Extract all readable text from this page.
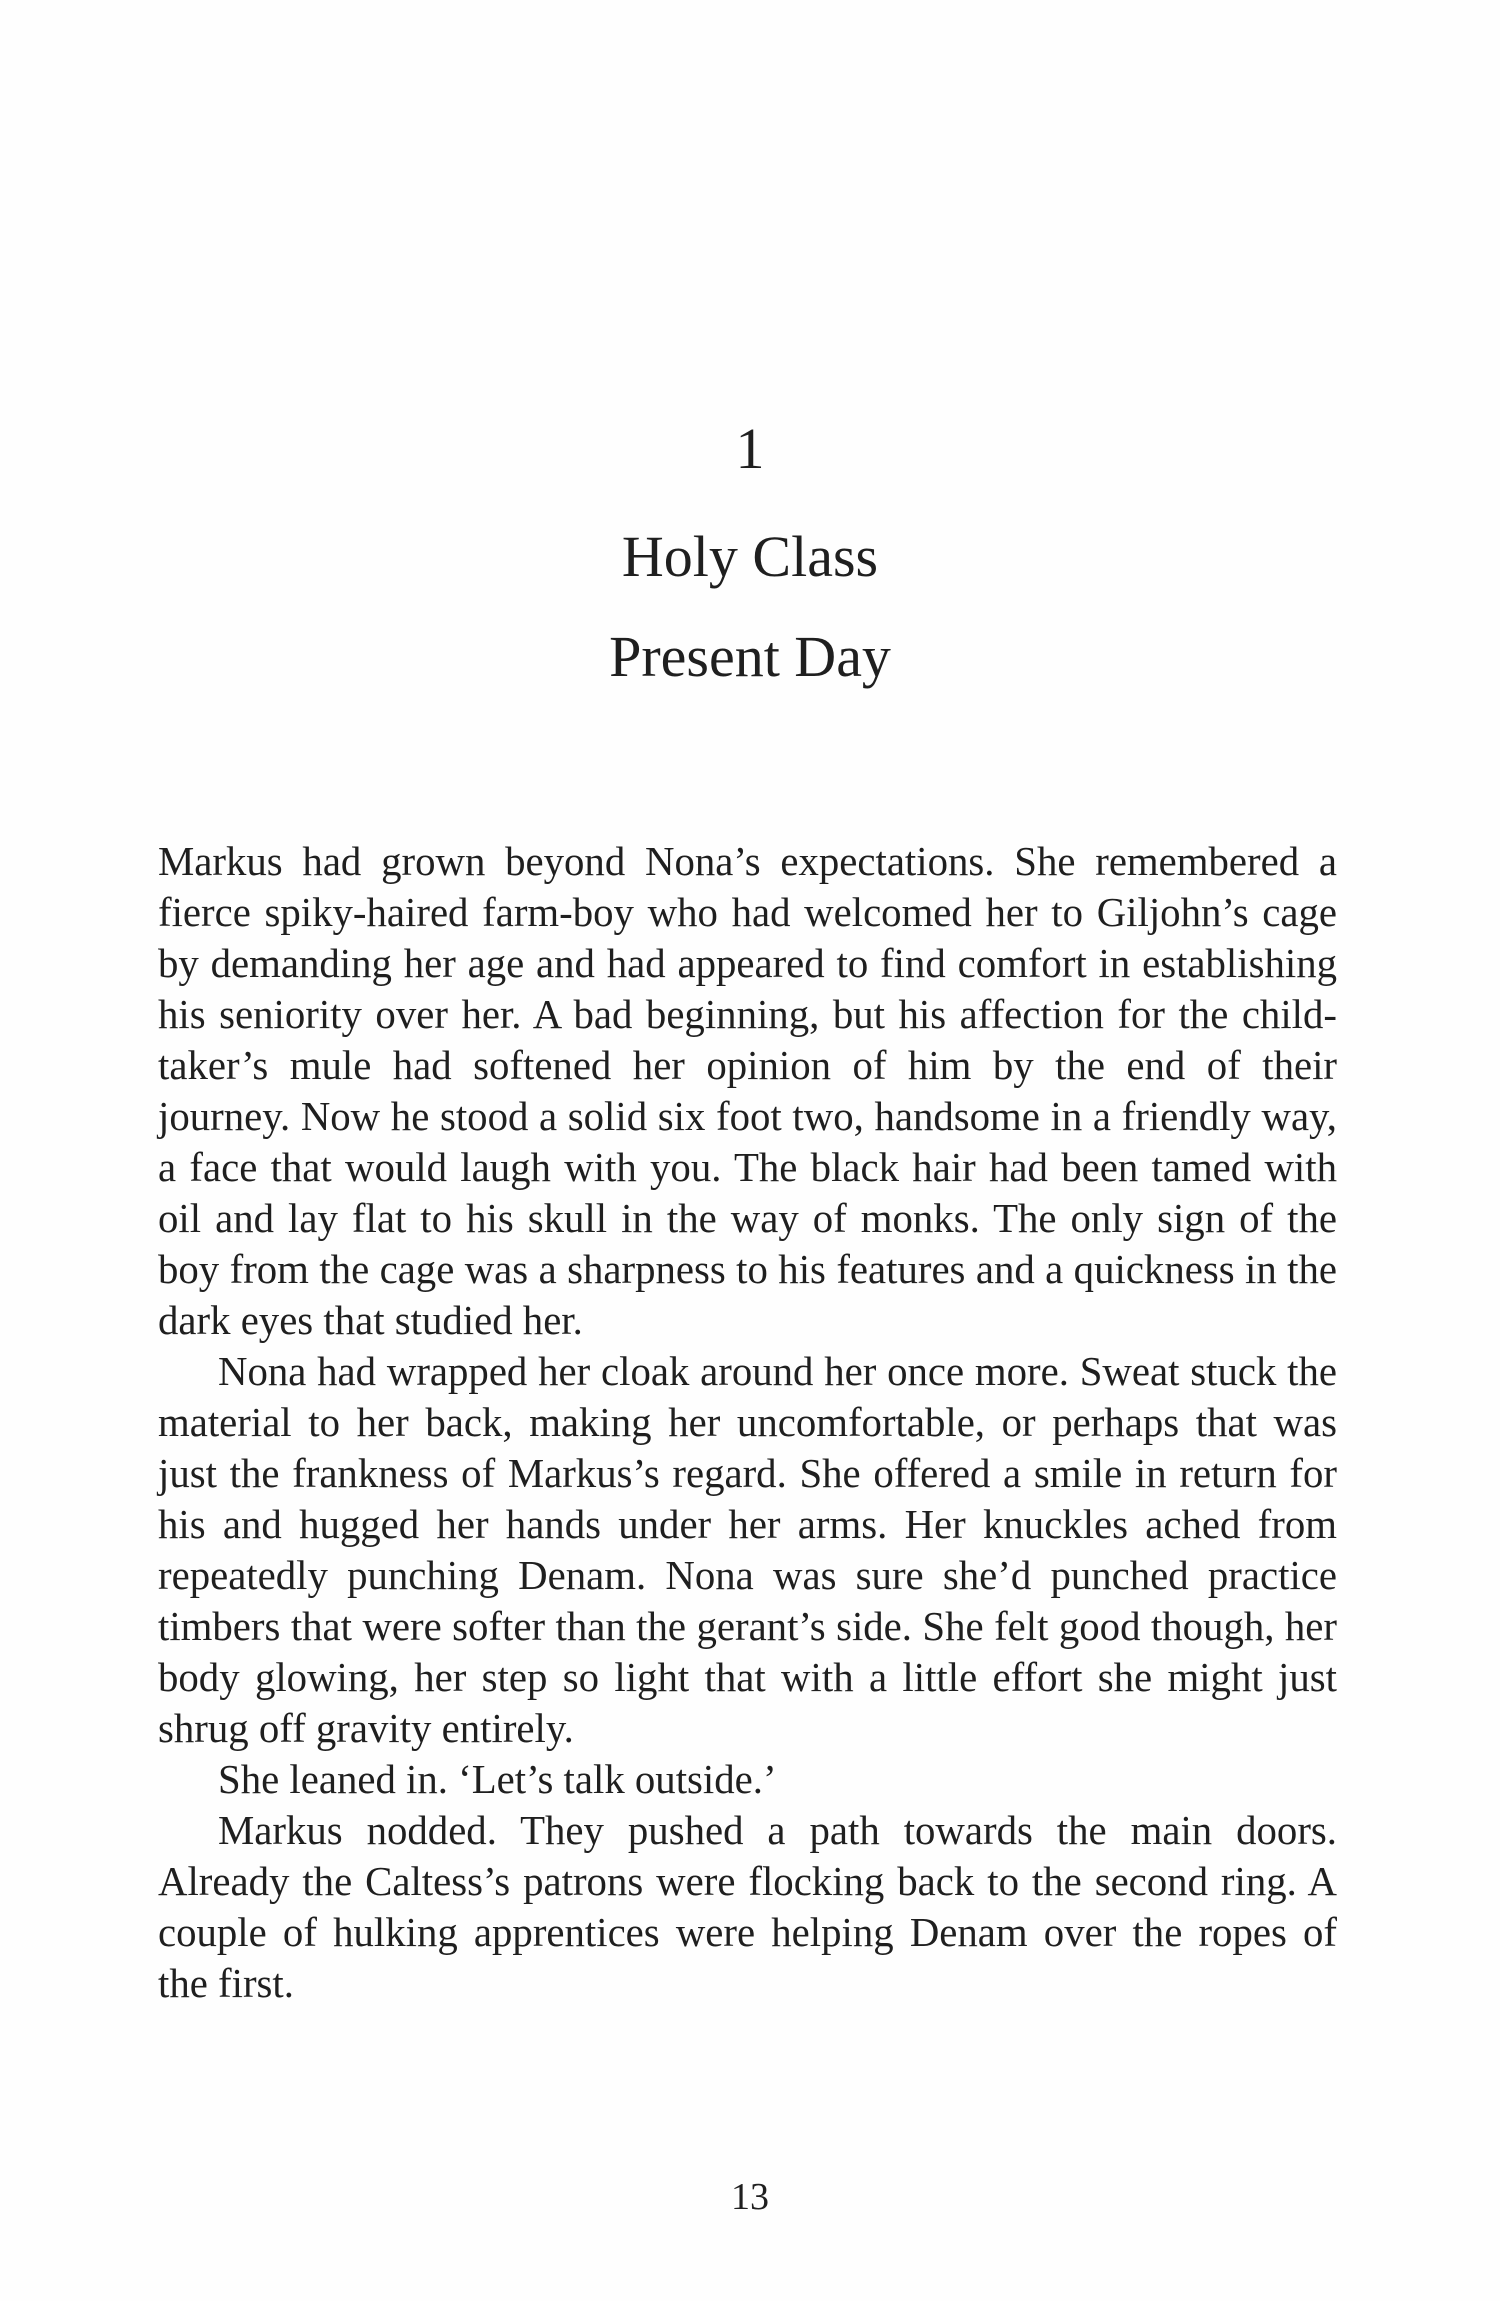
1
Holy Class
Present Day

Markus had grown beyond Nona’s expectations. She remembered a fierce spiky-haired farm-boy who had welcomed her to Giljohn’s cage by demanding her age and had appeared to find comfort in establishing his seniority over her. A bad beginning, but his affection for the child-taker’s mule had softened her opinion of him by the end of their journey. Now he stood a solid six foot two, handsome in a friendly way, a face that would laugh with you. The black hair had been tamed with oil and lay flat to his skull in the way of monks. The only sign of the boy from the cage was a sharpness to his features and a quickness in the dark eyes that studied her.

Nona had wrapped her cloak around her once more. Sweat stuck the material to her back, making her uncomfortable, or perhaps that was just the frankness of Markus’s regard. She offered a smile in return for his and hugged her hands under her arms. Her knuckles ached from repeatedly punching Denam. Nona was sure she’d punched practice timbers that were softer than the gerant’s side. She felt good though, her body glowing, her step so light that with a little effort she might just shrug off gravity entirely.

She leaned in. ‘Let’s talk outside.’

Markus nodded. They pushed a path towards the main doors. Already the Caltess’s patrons were flocking back to the second ring. A couple of hulking apprentices were helping Denam over the ropes of the first.

13
